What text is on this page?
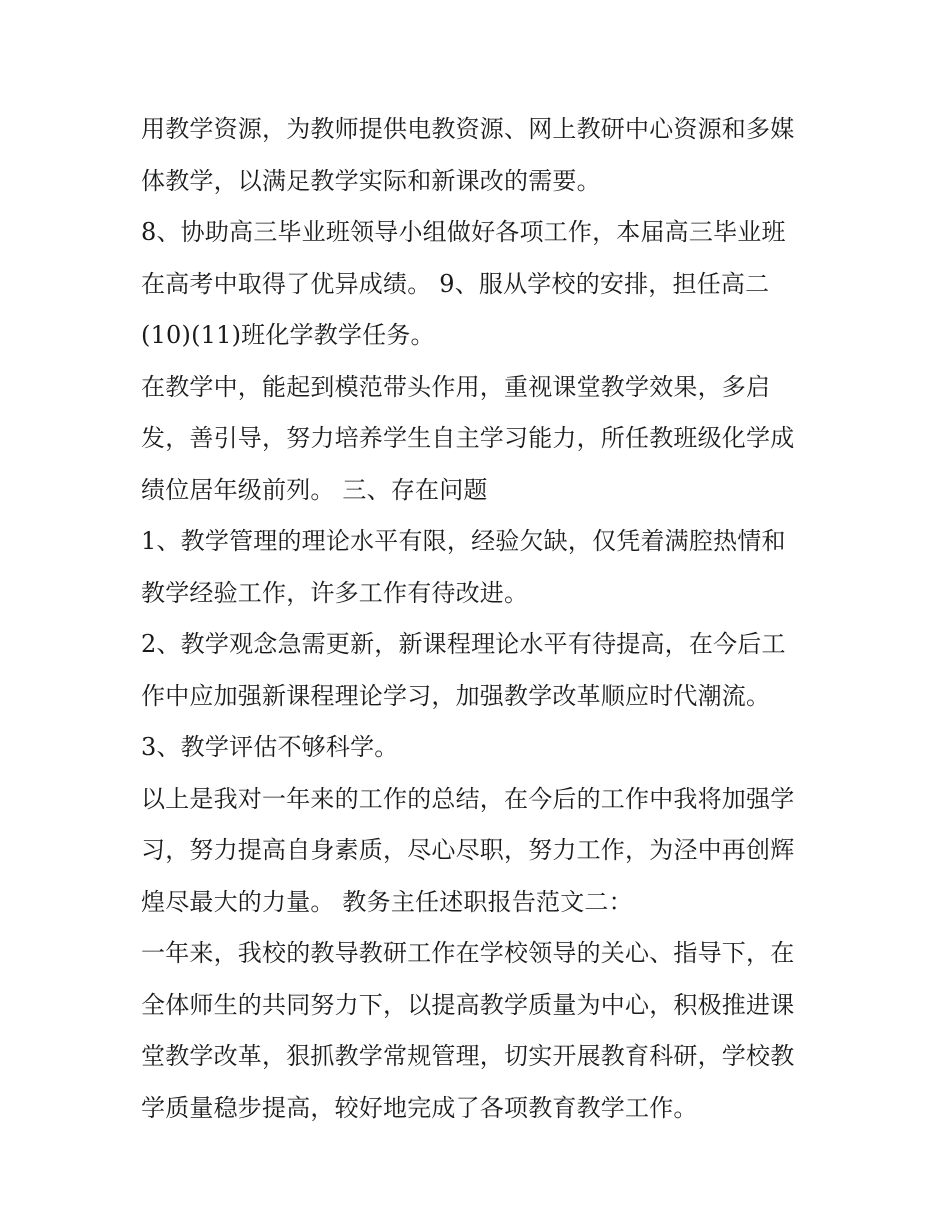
用教学资源，为教师提供电教资源、网上教研中心资源和多媒
体教学，以满足教学实际和新课改的需要。
8、协助高三毕业班领导小组做好各项工作，本届高三毕业班
在高考中取得了优异成绩。 9、服从学校的安排，担任高二
(10)(11)班化学教学任务。
在教学中，能起到模范带头作用，重视课堂教学效果，多启
发，善引导，努力培养学生自主学习能力，所任教班级化学成
绩位居年级前列。 三、存在问题
1、教学管理的理论水平有限，经验欠缺，仅凭着满腔热情和
教学经验工作，许多工作有待改进。
2、教学观念急需更新，新课程理论水平有待提高，在今后工
作中应加强新课程理论学习，加强教学改革顺应时代潮流。
3、教学评估不够科学。
以上是我对一年来的工作的总结，在今后的工作中我将加强学
习，努力提高自身素质，尽心尽职，努力工作，为泾中再创辉
煌尽最大的力量。 教务主任述职报告范文二：
一年来，我校的教导教研工作在学校领导的关心、指导下，在
全体师生的共同努力下，以提高教学质量为中心，积极推进课
堂教学改革，狠抓教学常规管理，切实开展教育科研，学校教
学质量稳步提高，较好地完成了各项教育教学工作。
